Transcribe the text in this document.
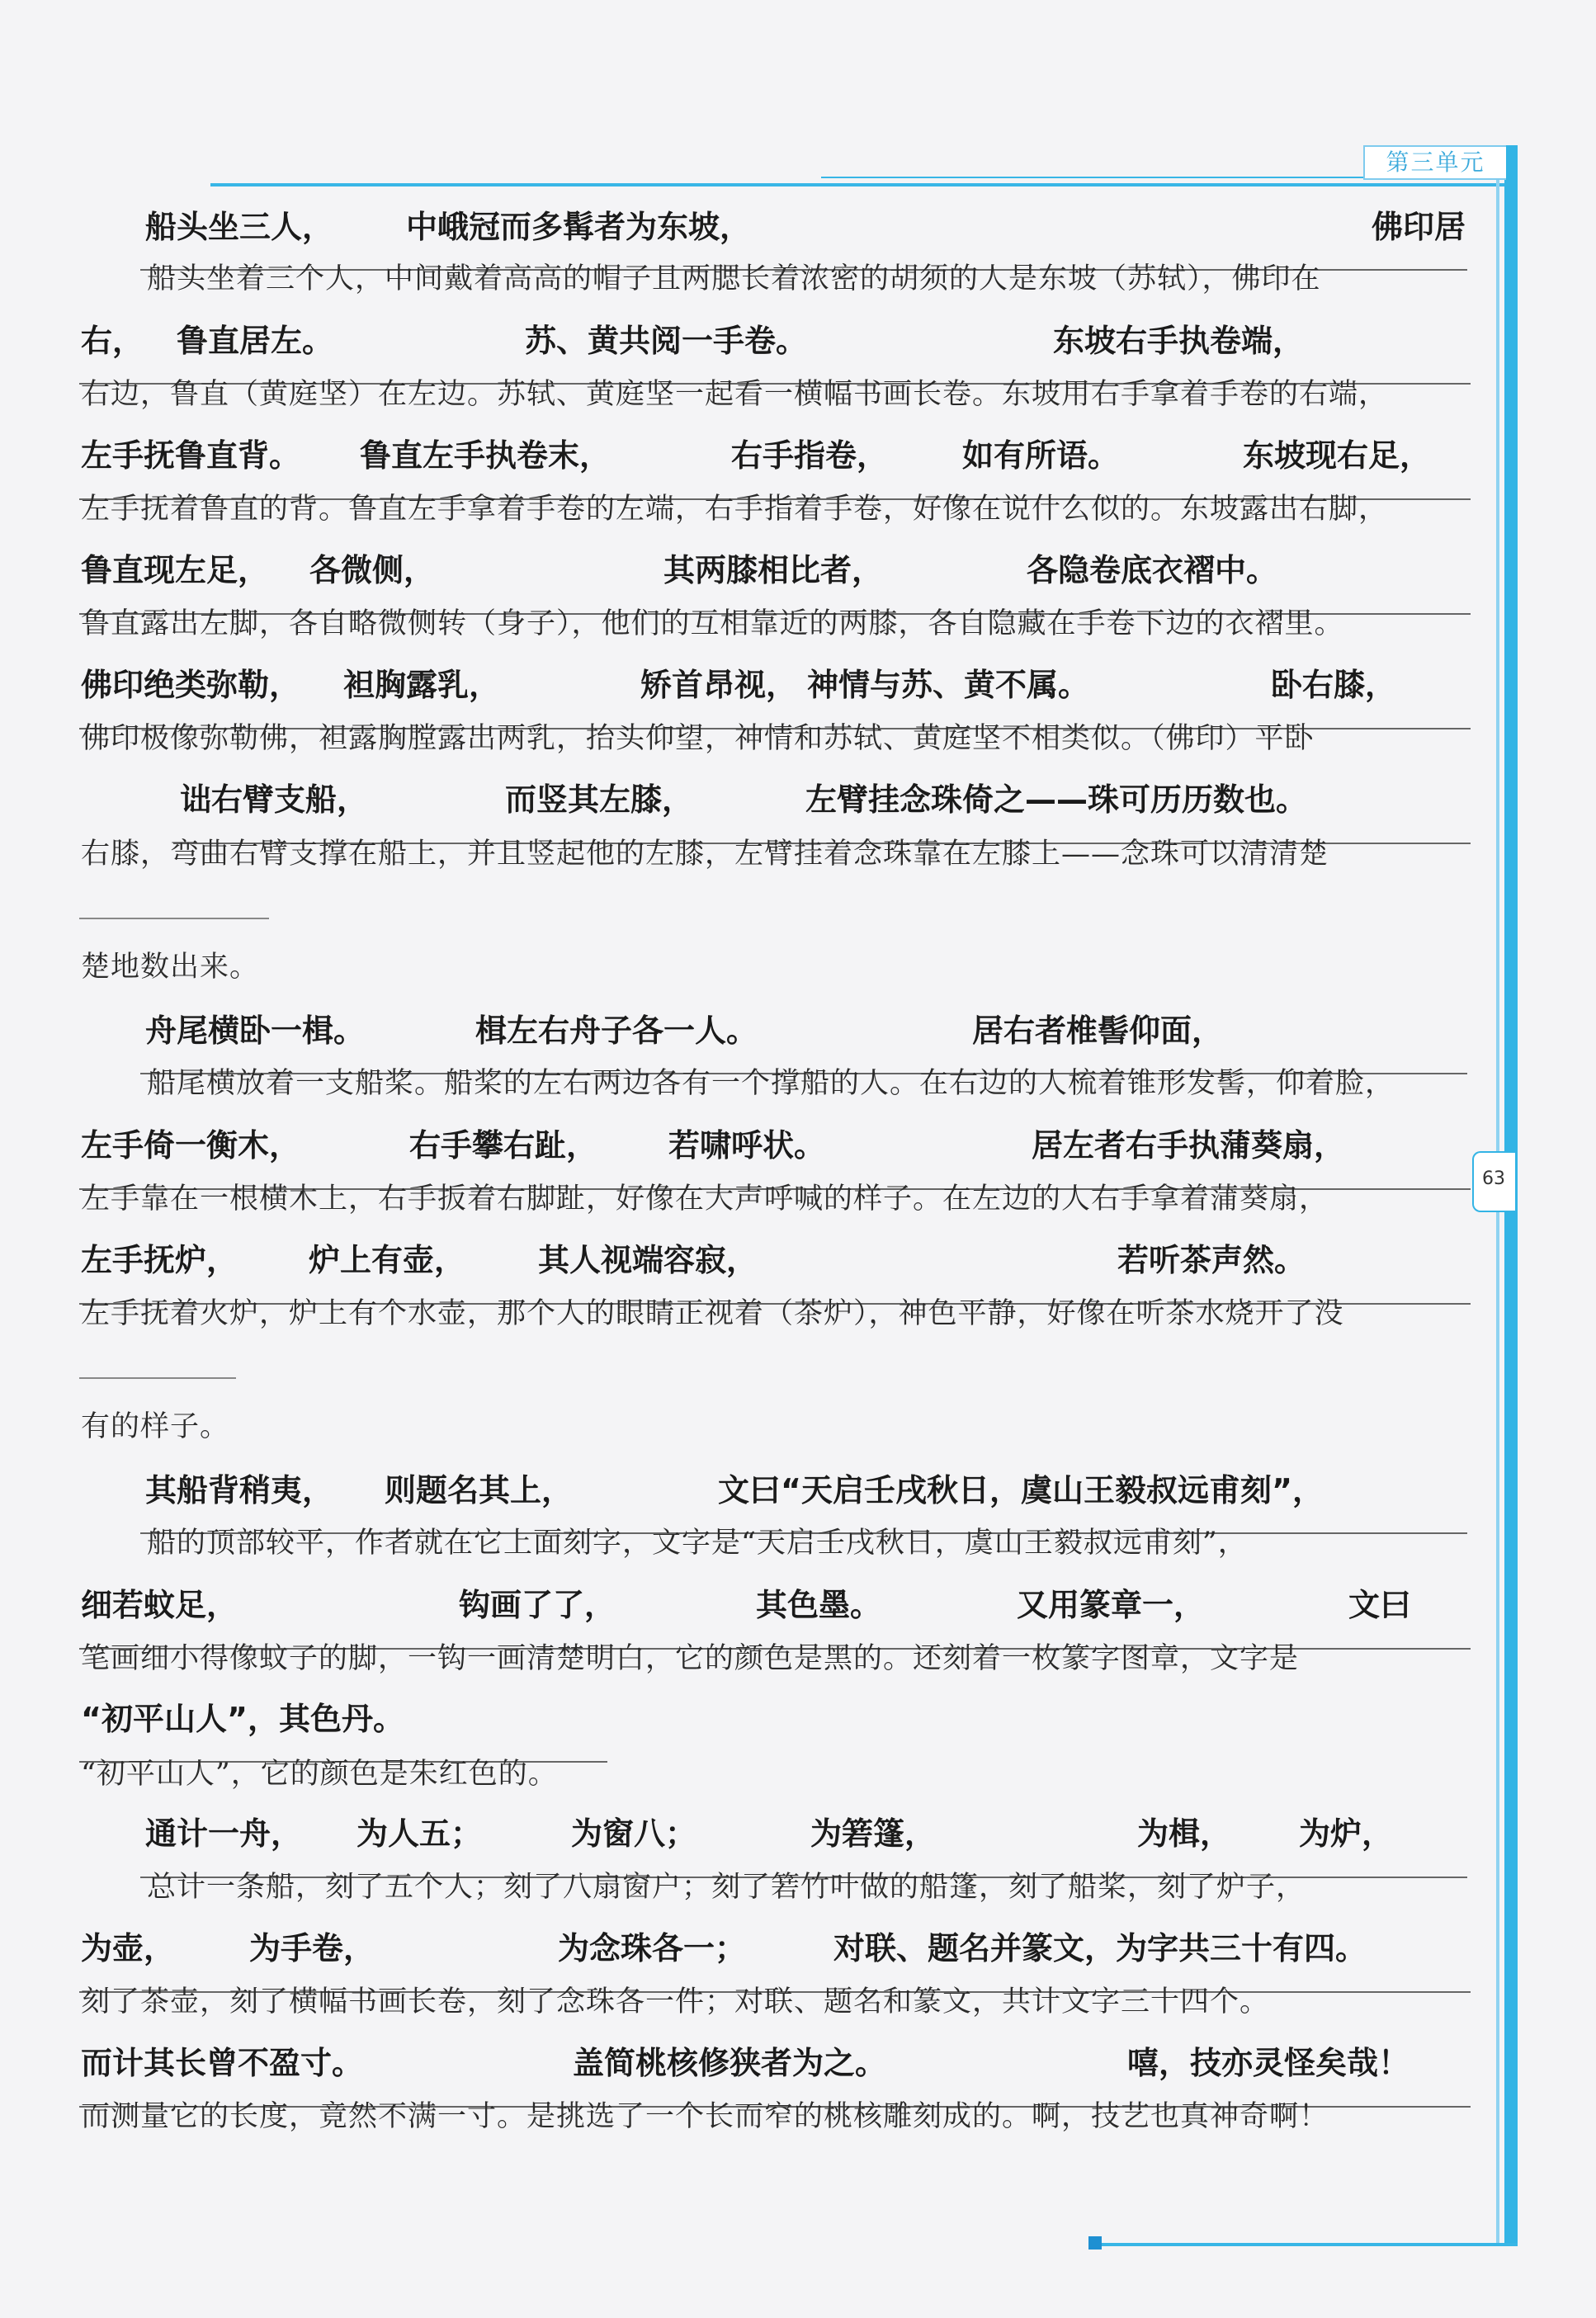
第三单元
63
船头坐三人， 中峨冠而多髯者为东坡，	佛印居
船头坐着三个人，中间戴着高高的帽子且两腮长着浓密的胡须的人是东坡（苏轼），佛印在
右， 鲁直居左。	苏、黄共阅一手卷。	东坡右手执卷端，
右边，鲁直（黄庭坚）在左边。苏轼、黄庭坚一起看一横幅书画长卷。东坡用右手拿着手卷的右端，
左手抚鲁直背。 鲁直左手执卷末，	右手指卷， 如有所语。	东坡现右足，
左手抚着鲁直的背。鲁直左手拿着手卷的左端，右手指着手卷，好像在说什么似的。东坡露出右脚，
鲁直现左足， 各微侧，	其两膝相比者，	各隐卷底衣褶中。
鲁直露出左脚，各自略微侧转（身子），他们的互相靠近的两膝，各自隐藏在手卷下边的衣褶里。
佛印绝类弥勒， 袒胸露乳，	矫首昂视， 神情与苏、黄不属。	卧右膝，
佛印极像弥勒佛，袒露胸膛露出两乳，抬头仰望，神情和苏轼、黄庭坚不相类似。（佛印）平卧
诎右臂支船，	而竖其左膝，	左臂挂念珠倚之——珠可历历数也。
右膝，弯曲右臂支撑在船上，并且竖起他的左膝，左臂挂着念珠靠在左膝上——念珠可以清清楚
楚地数出来。
舟尾横卧一楫。	楫左右舟子各一人。	居右者椎髻仰面，
船尾横放着一支船桨。船桨的左右两边各有一个撑船的人。在右边的人梳着锥形发髻，仰着脸，
左手倚一衡木，	右手攀右趾， 若啸呼状。	居左者右手执蒲葵扇，
左手靠在一根横木上，右手扳着右脚趾，好像在大声呼喊的样子。在左边的人右手拿着蒲葵扇，
左手抚炉， 炉上有壶， 其人视端容寂，	若听茶声然。
左手抚着火炉，炉上有个水壶，那个人的眼睛正视着（茶炉），神色平静，好像在听茶水烧开了没
有的样子。
其船背稍夷， 则题名其上，	文曰“天启壬戌秋日，虞山王毅叔远甫刻”，
船的顶部较平，作者就在它上面刻字，文字是“天启壬戌秋日，虞山王毅叔远甫刻”，
细若蚊足，	钩画了了，	其色墨。	又用篆章一，	文曰
笔画细小得像蚊子的脚，一钩一画清楚明白，它的颜色是黑的。还刻着一枚篆字图章，文字是
“初平山人”，其色丹。
“初平山人”，它的颜色是朱红色的。
通计一舟， 为人五；	为窗八；	为箬篷，	为楫， 为炉，
总计一条船，刻了五个人；刻了八扇窗户；刻了箬竹叶做的船篷，刻了船桨，刻了炉子，
为壶， 为手卷，	为念珠各一；	对联、题名并篆文，为字共三十有四。
刻了茶壶，刻了横幅书画长卷，刻了念珠各一件；对联、题名和篆文，共计文字三十四个。
而计其长曾不盈寸。	盖简桃核修狭者为之。	嘻，技亦灵怪矣哉！
而测量它的长度，竟然不满一寸。是挑选了一个长而窄的桃核雕刻成的。啊，技艺也真神奇啊！
